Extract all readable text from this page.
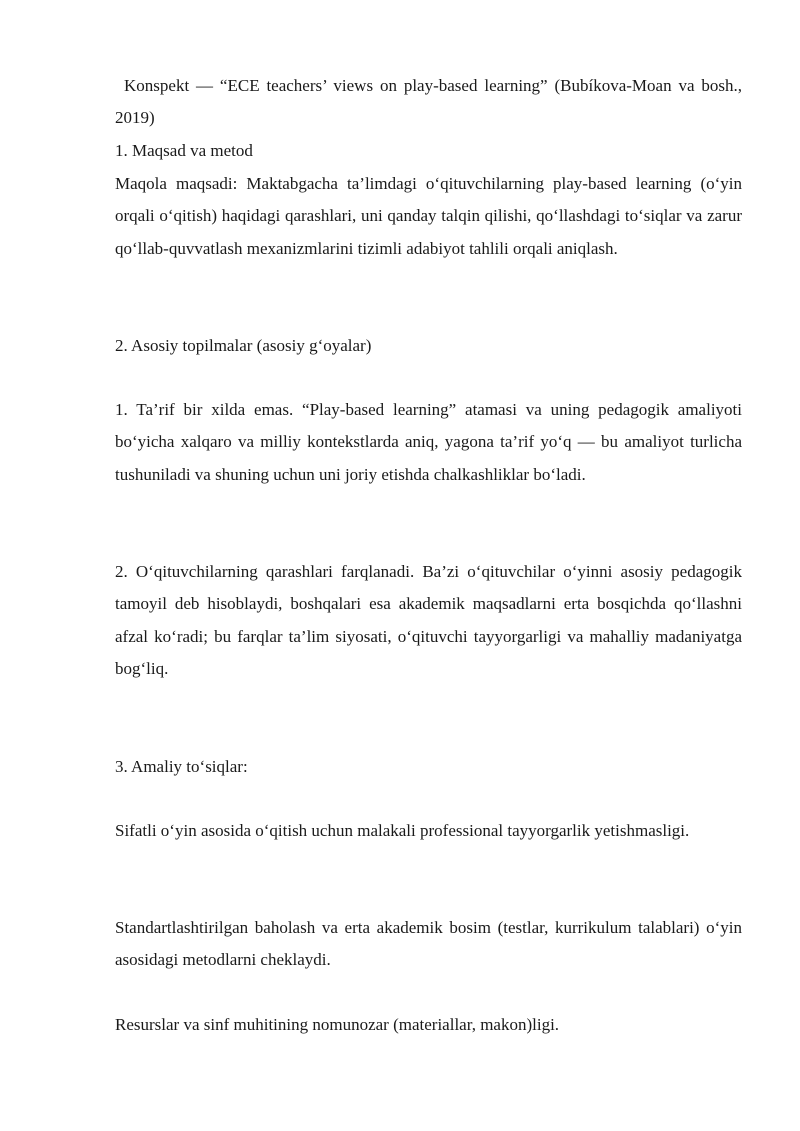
Konspekt — “ECE teachers’ views on play-based learning” (Bubíkova-Moan va bosh., 2019)

1. Maqsad va metod

Maqola maqsadi: Maktabgacha ta’limdagi o‘qituvchilarning play-based learning (o‘yin orqali o‘qitish) haqidagi qarashlari, uni qanday talqin qilishi, qo‘llashdagi to‘siqlar va zarur qo‘llab-quvvatlash mexanizmlarini tizimli adabiyot tahlili orqali aniqlash.

2. Asosiy topilmalar (asosiy g‘oyalar)

1. Ta’rif bir xilda emas. “Play-based learning” atamasi va uning pedagogik amaliyoti bo‘yicha xalqaro va milliy kontekstlarda aniq, yagona ta’rif yo‘q — bu amaliyot turlicha tushuniladi va shuning uchun uni joriy etishda chalkashliklar bo‘ladi.

2. O‘qituvchilarning qarashlari farqlanadi. Ba’zi o‘qituvchilar o‘yinni asosiy pedagogik tamoyil deb hisoblaydi, boshqalari esa akademik maqsadlarni erta bosqichda qo‘llashni afzal ko‘radi; bu farqlar ta’lim siyosati, o‘qituvchi tayyorgarligi va mahalliy madaniyatga bog‘liq.

3. Amaliy to‘siqlar:

Sifatli o‘yin asosida o‘qitish uchun malakali professional tayyorgarlik yetishmasligi.

Standartlashtirilgan baholash va erta akademik bosim (testlar, kurrikulum talablari) o‘yin asosidagi metodlarni cheklaydi.

Resurslar va sinf muhitining nomunozar (materiallar, makon)ligi.
